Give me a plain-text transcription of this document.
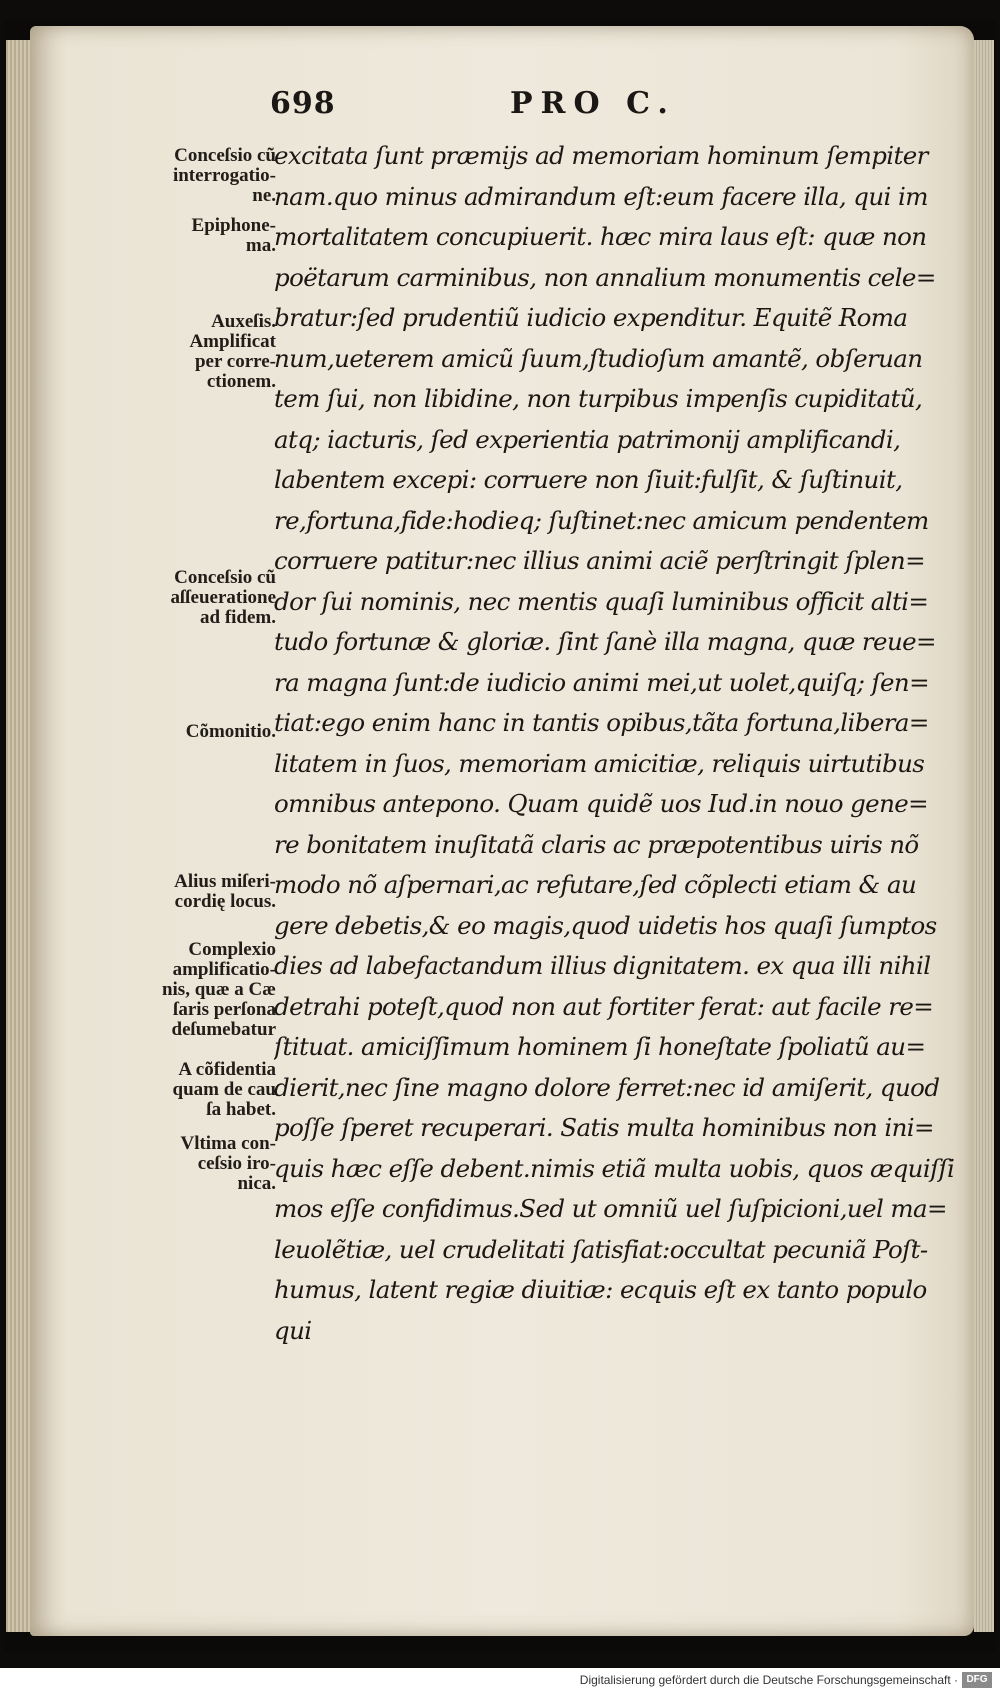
698	PRO C.
excitata ſunt præmijs ad memoriam hominum ſempiter
nam.quo minus admirandum eſt:eum facere illa, qui im
mortalitatem concupiuerit. hæc mira laus eſt: quæ non
poëtarum carminibus, non annalium monumentis cele=
bratur:ſed prudentiũ iudicio expenditur. Equitẽ Roma
num,ueterem amicũ ſuum,ſtudioſum amantẽ, obſeruan
tem ſui, non libidine, non turpibus impenſis cupiditatũ,
atq; iacturis, ſed experientia patrimonij amplificandi,
labentem excepi: corruere non ſiuit:fulſit, & ſuſtinuit,
re,fortuna,fide:hodieq; ſuſtinet:nec amicum pendentem
corruere patitur:nec illius animi aciẽ perſtringit ſplen=
dor ſui nominis, nec mentis quaſi luminibus officit alti=
tudo fortunæ & gloriæ. ſint ſanè illa magna, quæ reue=
ra magna ſunt:de iudicio animi mei,ut uolet,quiſq; ſen=
tiat:ego enim hanc in tantis opibus,tãta fortuna,libera=
litatem in ſuos, memoriam amicitiæ, reliquis uirtutibus
omnibus antepono. Quam quidẽ uos Iud.in nouo gene=
re bonitatem inuſitatã claris ac præpotentibus uiris nõ
modo nõ aſpernari,ac refutare,ſed cõplecti etiam & au
gere debetis,& eo magis,quod uidetis hos quaſi ſumptos
dies ad labefactandum illius dignitatem. ex qua illi nihil
detrahi poteſt,quod non aut fortiter ferat: aut facile re=
ſtituat. amiciſſimum hominem ſi honeſtate ſpoliatũ au=
dierit,nec ſine magno dolore ferret:nec id amiſerit, quod
poſſe ſperet recuperari. Satis multa hominibus non ini=
quis hæc eſſe debent.nimis etiã multa uobis, quos æquiſſi
mos eſſe confidimus.Sed ut omniũ uel ſuſpicioni,uel ma=
leuolẽtiæ, uel crudelitati ſatisfiat:occultat pecuniã Poſt-
humus, latent regiæ diuitiæ: ecquis eſt ex tanto populo
qui
Conceſsio cũ
interrogatio-
ne.
Epiphone-
ma.
Auxeſis.
Amplificat
per corre-
ctionem.
Conceſsio cũ
aſſeueratione
ad fidem.
Cõmonitio.
Alius miſeri-
cordię locus.
Complexio
amplificatio-
nis, quæ a Cæ
ſaris perſona
deſumebatur
A cõfidentia
quam de cau
ſa habet.
Vltima con-
ceſsio iro-
nica.
Digitalisierung gefördert durch die Deutsche Forschungsgemeinschaft · DFG
